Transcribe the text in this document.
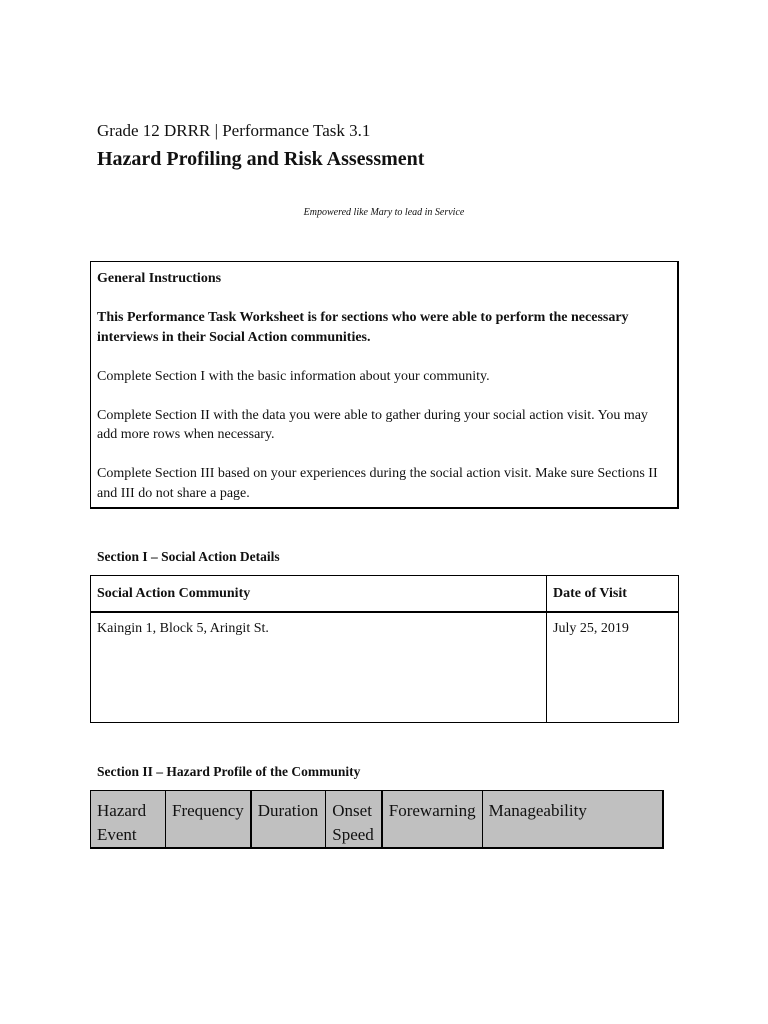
Grade 12 DRRR | Performance Task 3.1
Hazard Profiling and Risk Assessment
Empowered like Mary to lead in Service

General Instructions

This Performance Task Worksheet is for sections who were able to perform the necessary interviews in their Social Action communities.

Complete Section I with the basic information about your community.

Complete Section II with the data you were able to gather during your social action visit. You may add more rows when necessary.

Complete Section III based on your experiences during the social action visit. Make sure Sections II and III do not share a page.

Section I – Social Action Details
Social Action Community	Date of Visit
Kaingin 1, Block 5, Aringit St.	July 25, 2019
Section II – Hazard Profile of the Community
Hazard Event	Frequency	Duration	Onset Speed	Forewarning	Manageability
